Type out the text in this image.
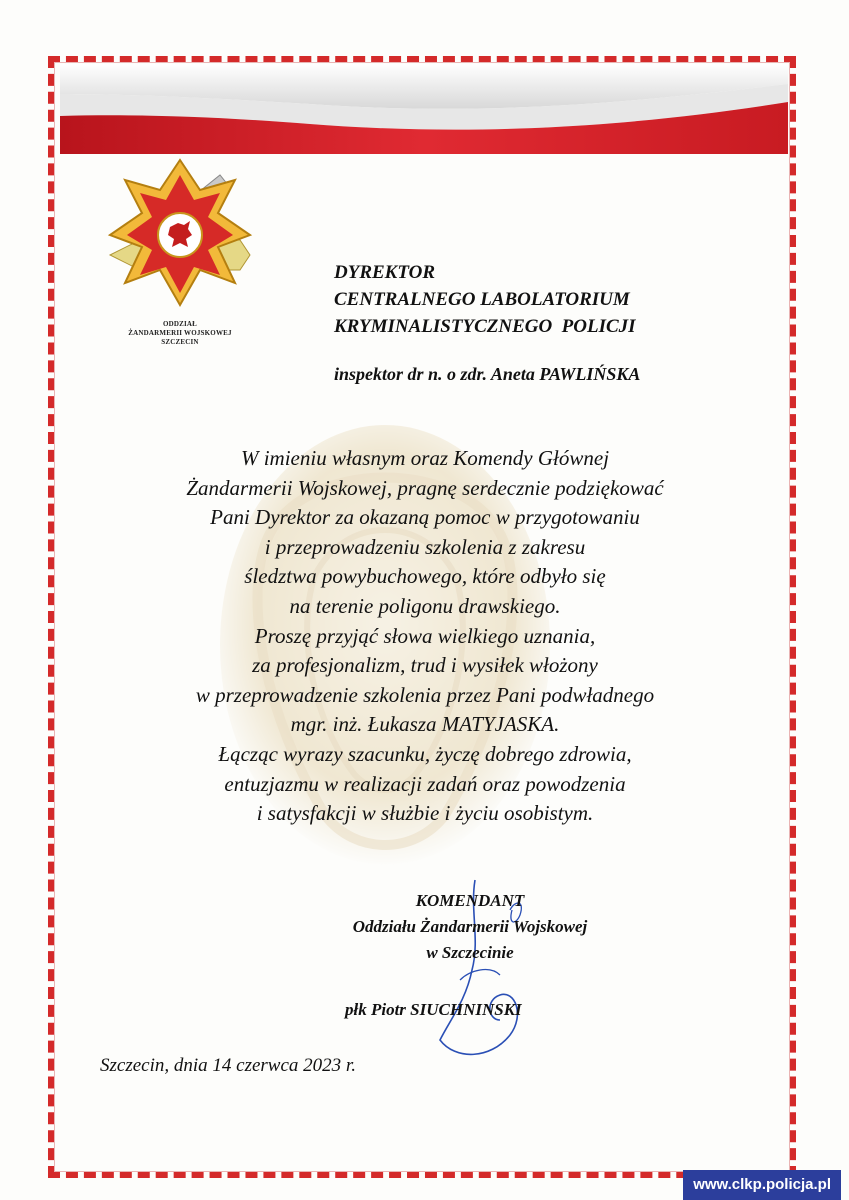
ODDZIAŁ
ŻANDARMERII WOJSKOWEJ
SZCZECIN
DYREKTOR
CENTRALNEGO LABOLATORIUM
KRYMINALISTYCZNEGO  POLICJI
inspektor dr n. o zdr. Aneta PAWLIŃSKA
W imieniu własnym oraz Komendy Głównej
Żandarmerii Wojskowej, pragnę serdecznie podziękować
Pani Dyrektor za okazaną pomoc w przygotowaniu
i przeprowadzeniu szkolenia z zakresu
śledztwa powybuchowego, które odbyło się
na terenie poligonu drawskiego.
Proszę przyjąć słowa wielkiego uznania,
za profesjonalizm, trud i wysiłek włożony
w przeprowadzenie szkolenia przez Pani podwładnego
mgr. inż. Łukasza MATYJASKA.
Łącząc wyrazy szacunku, życzę dobrego zdrowia,
entuzjazmu w realizacji zadań oraz powodzenia
i satysfakcji w służbie i życiu osobistym.
KOMENDANT
Oddziału Żandarmerii Wojskowej
w Szczecinie
płk Piotr SIUCHNINSKI
Szczecin, dnia 14 czerwca 2023 r.
www.clkp.policja.pl
